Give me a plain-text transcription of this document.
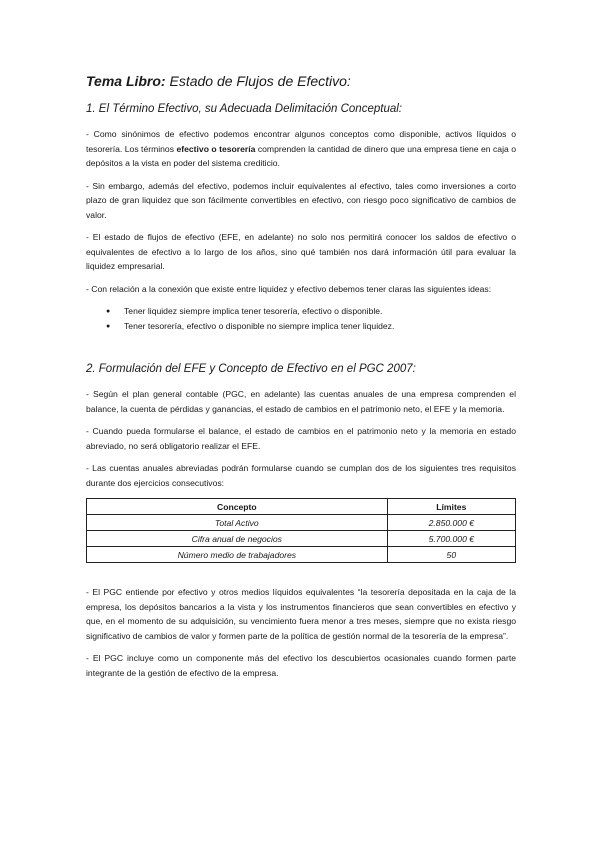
Tema Libro: Estado de Flujos de Efectivo:
1. El Término Efectivo, su Adecuada Delimitación Conceptual:

- Como sinónimos de efectivo podemos encontrar algunos conceptos como disponible, activos líquidos o tesorería. Los términos efectivo o tesorería comprenden la cantidad de dinero que una empresa tiene en caja o depósitos a la vista en poder del sistema crediticio.

- Sin embargo, además del efectivo, podemos incluir equivalentes al efectivo, tales como inversiones a corto plazo de gran liquidez que son fácilmente convertibles en efectivo, con riesgo poco significativo de cambios de valor.

- El estado de flujos de efectivo (EFE, en adelante) no solo nos permitirá conocer los saldos de efectivo o equivalentes de efectivo a lo largo de los años, sino qué también nos dará información útil para evaluar la liquidez empresarial.

- Con relación a la conexión que existe entre liquidez y efectivo debemos tener claras las siguientes ideas:

● Tener liquidez siempre implica tener tesorería, efectivo o disponible.
● Tener tesorería, efectivo o disponible no siempre implica tener liquidez.
2. Formulación del EFE y Concepto de Efectivo en el PGC 2007:

- Según el plan general contable (PGC, en adelante) las cuentas anuales de una empresa comprenden el balance, la cuenta de pérdidas y ganancias, el estado de cambios en el patrimonio neto, el EFE y la memoria.

- Cuando pueda formularse el balance, el estado de cambios en el patrimonio neto y la memoria en estado abreviado, no será obligatorio realizar el EFE.

- Las cuentas anuales abreviadas podrán formularse cuando se cumplan dos de los siguientes tres requisitos durante dos ejercicios consecutivos:

Concepto	Límites
Total Activo	2.850.000 €
Cifra anual de negocios	5.700.000 €
Número medio de trabajadores	50

- El PGC entiende por efectivo y otros medios líquidos equivalentes “la tesorería depositada en la caja de la empresa, los depósitos bancarios a la vista y los instrumentos financieros que sean convertibles en efectivo y que, en el momento de su adquisición, su vencimiento fuera menor a tres meses, siempre que no exista riesgo significativo de cambios de valor y formen parte de la política de gestión normal de la tesorería de la empresa”.

- El PGC incluye como un componente más del efectivo los descubiertos ocasionales cuando formen parte integrante de la gestión de efectivo de la empresa.
